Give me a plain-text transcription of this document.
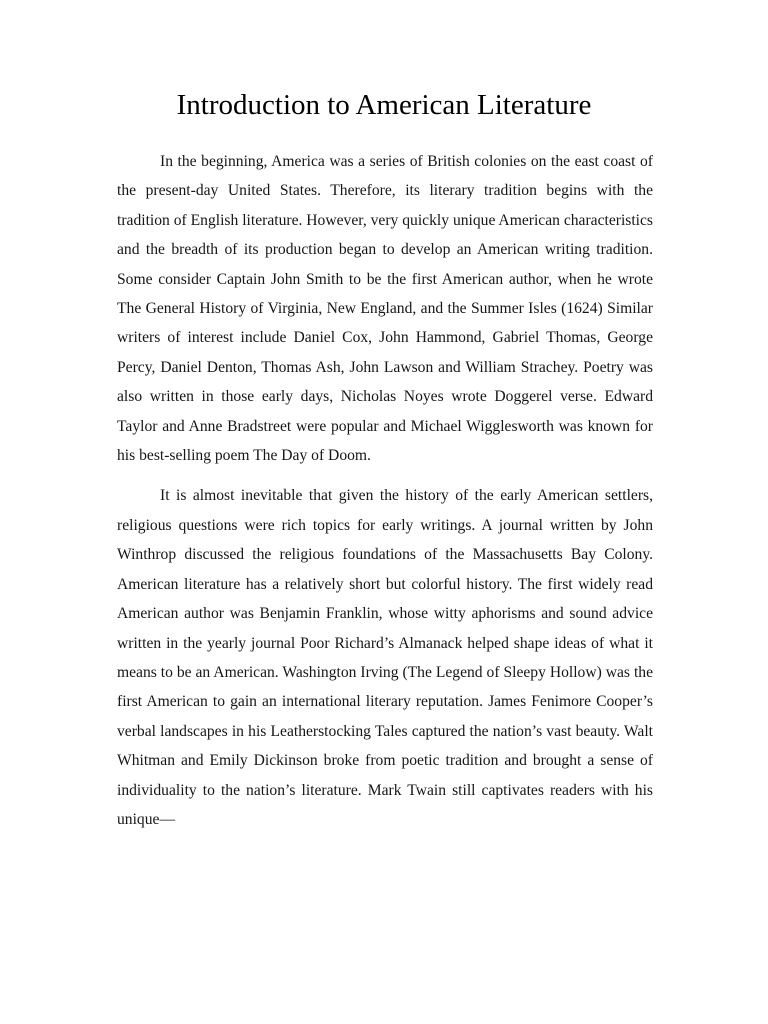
Introduction to American Literature

In the beginning, America was a series of British colonies on the east coast of the present-day United States. Therefore, its literary tradition begins with the tradition of English literature. However, very quickly unique American characteristics and the breadth of its production began to develop an American writing tradition. Some consider Captain John Smith to be the first American author, when he wrote The General History of Virginia, New England, and the Summer Isles (1624) Similar writers of interest include Daniel Cox, John Hammond, Gabriel Thomas, George Percy, Daniel Denton, Thomas Ash, John Lawson and William Strachey. Poetry was also written in those early days, Nicholas Noyes wrote Doggerel verse. Edward Taylor and Anne Bradstreet were popular and Michael Wigglesworth was known for his best-selling poem The Day of Doom.

It is almost inevitable that given the history of the early American settlers, religious questions were rich topics for early writings. A journal written by John Winthrop discussed the religious foundations of the Massachusetts Bay Colony. American literature has a relatively short but colorful history. The first widely read American author was Benjamin Franklin, whose witty aphorisms and sound advice written in the yearly journal Poor Richard’s Almanack helped shape ideas of what it means to be an American. Washington Irving (The Legend of Sleepy Hollow) was the first American to gain an international literary reputation. James Fenimore Cooper’s verbal landscapes in his Leatherstocking Tales captured the nation’s vast beauty. Walt Whitman and Emily Dickinson broke from poetic tradition and brought a sense of individuality to the nation’s literature. Mark Twain still captivates readers with his unique—
